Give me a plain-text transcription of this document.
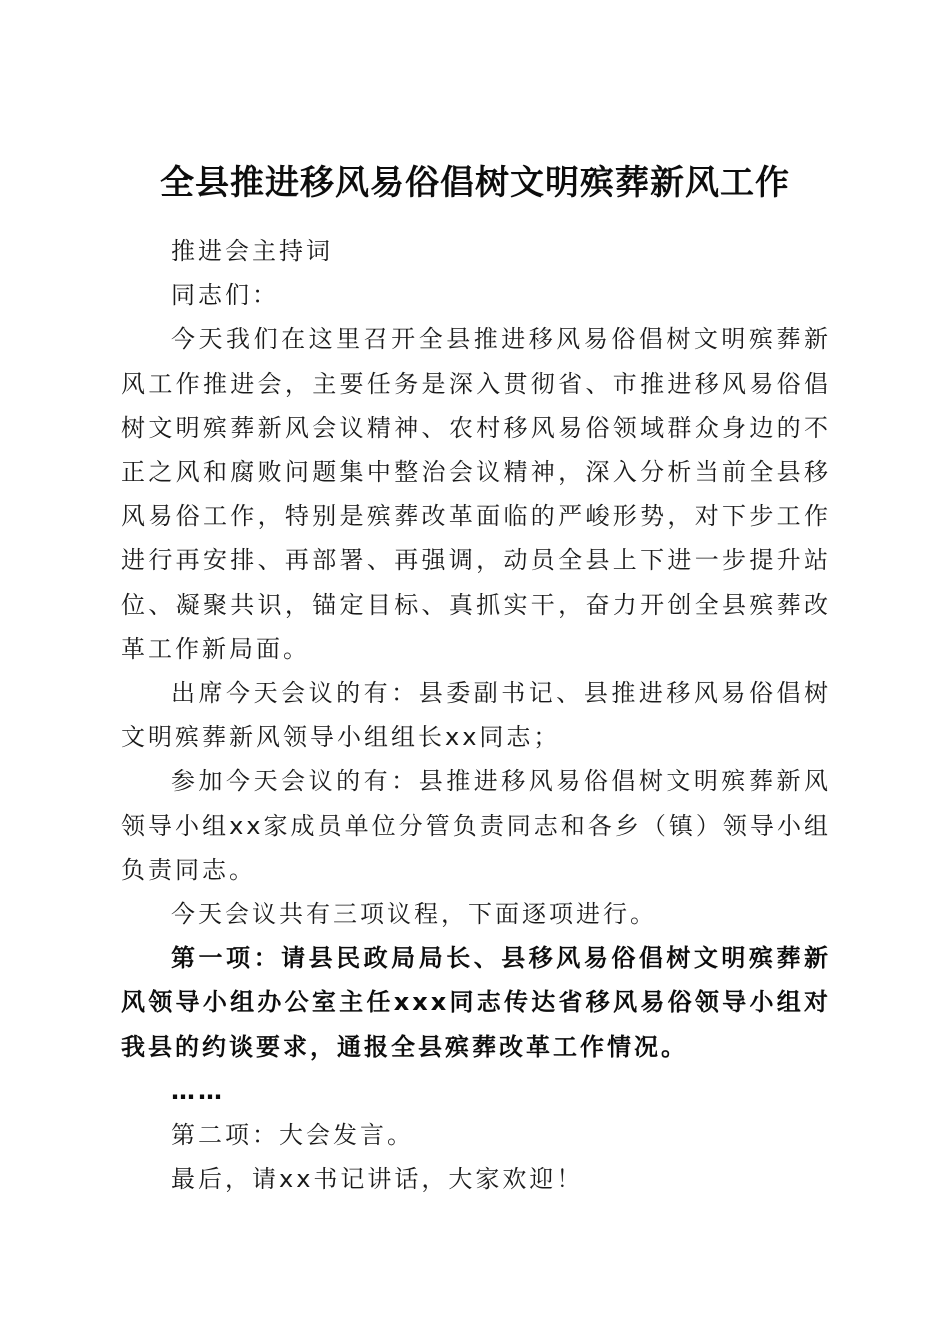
全县推进移风易俗倡树文明殡葬新风工作

推进会主持词

同志们：

今天我们在这里召开全县推进移风易俗倡树文明殡葬新风工作推进会，主要任务是深入贯彻省、市推进移风易俗倡树文明殡葬新风会议精神、农村移风易俗领域群众身边的不正之风和腐败问题集中整治会议精神，深入分析当前全县移风易俗工作，特别是殡葬改革面临的严峻形势，对下步工作进行再安排、再部署、再强调，动员全县上下进一步提升站位、凝聚共识，锚定目标、真抓实干，奋力开创全县殡葬改革工作新局面。

出席今天会议的有：县委副书记、县推进移风易俗倡树文明殡葬新风领导小组组长xx同志；

参加今天会议的有：县推进移风易俗倡树文明殡葬新风领导小组xx家成员单位分管负责同志和各乡（镇）领导小组负责同志。

今天会议共有三项议程，下面逐项进行。

第一项：请县民政局局长、县移风易俗倡树文明殡葬新风领导小组办公室主任xxx同志传达省移风易俗领导小组对我县的约谈要求，通报全县殡葬改革工作情况。

……

第二项：大会发言。

最后，请xx书记讲话，大家欢迎！
